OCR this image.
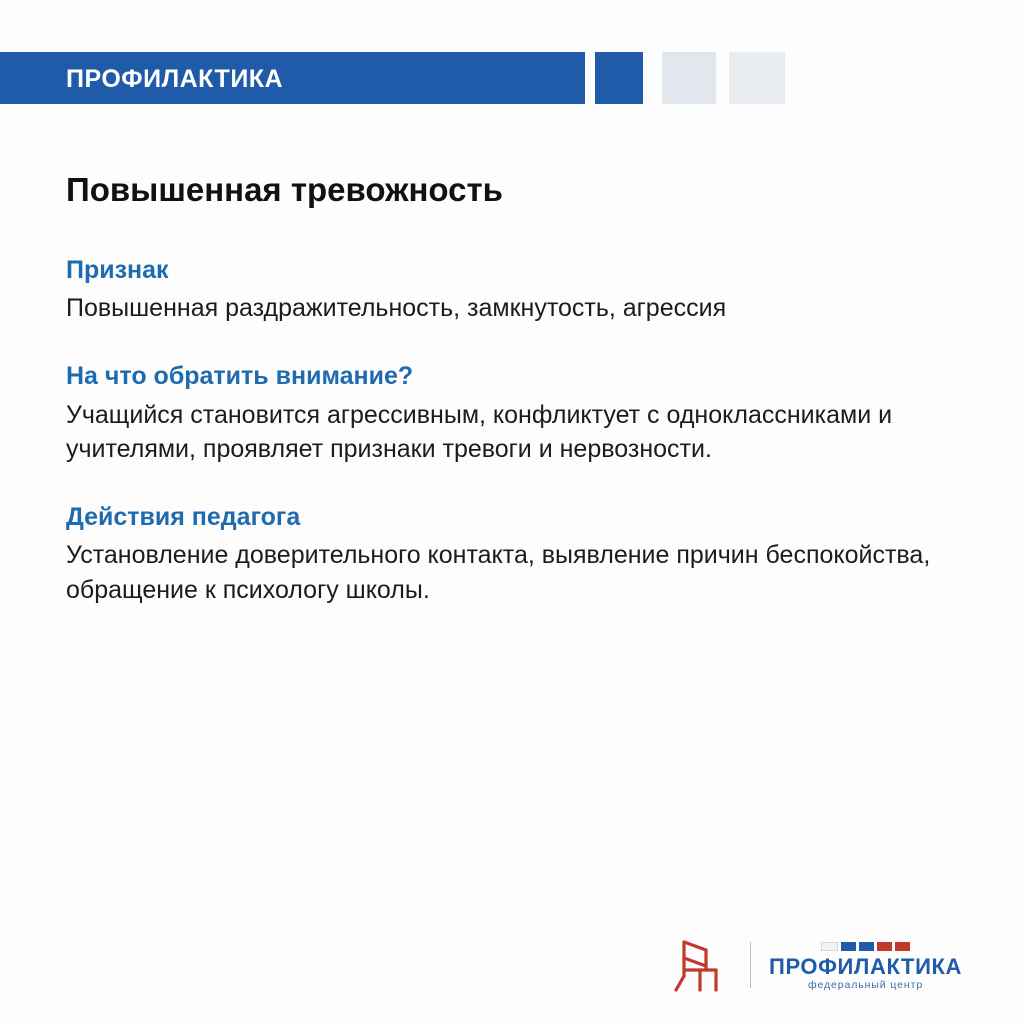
ПРОФИЛАКТИКА
Повышенная тревожность

Признак

Повышенная раздражительность, замкнутость, агрессия

На что обратить внимание?

Учащийся становится агрессивным, конфликтует с одноклассниками и учителями, проявляет признаки тревоги и нервозности.

Действия педагога

Установление доверительного контакта, выявление причин беспокойства, обращение к психологу школы.

ПРОФИЛАКТИКА
федеральный центр
